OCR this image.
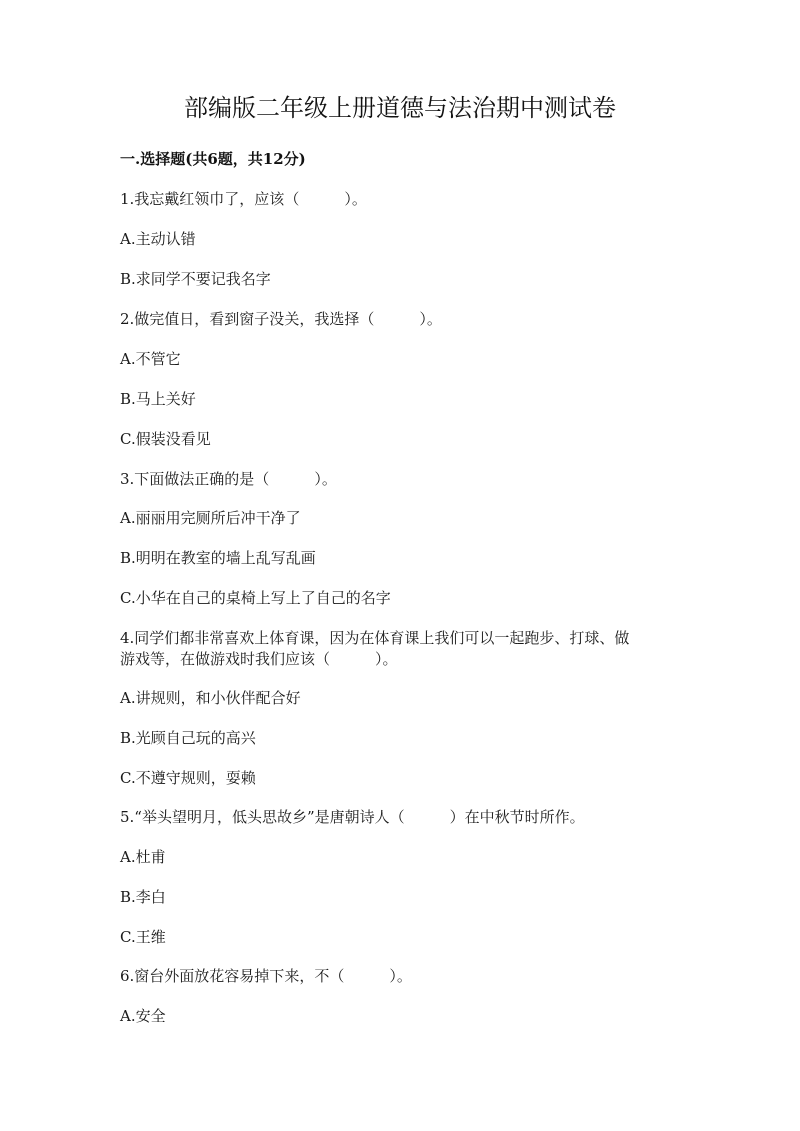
部编版二年级上册道德与法治期中测试卷
一.选择题(共6题，共12分)
1.我忘戴红领巾了，应该（　　　）。
A.主动认错
B.求同学不要记我名字
2.做完值日，看到窗子没关，我选择（　　　）。
A.不管它
B.马上关好
C.假装没看见
3.下面做法正确的是（　　　）。
A.丽丽用完厕所后冲干净了
B.明明在教室的墙上乱写乱画
C.小华在自己的桌椅上写上了自己的名字
4.同学们都非常喜欢上体育课，因为在体育课上我们可以一起跑步、打球、做
游戏等，在做游戏时我们应该（　　　）。
A.讲规则，和小伙伴配合好
B.光顾自己玩的高兴
C.不遵守规则，耍赖
5.“举头望明月，低头思故乡”是唐朝诗人（　　　）在中秋节时所作。
A.杜甫
B.李白
C.王维
6.窗台外面放花容易掉下来，不（　　　）。
A.安全
